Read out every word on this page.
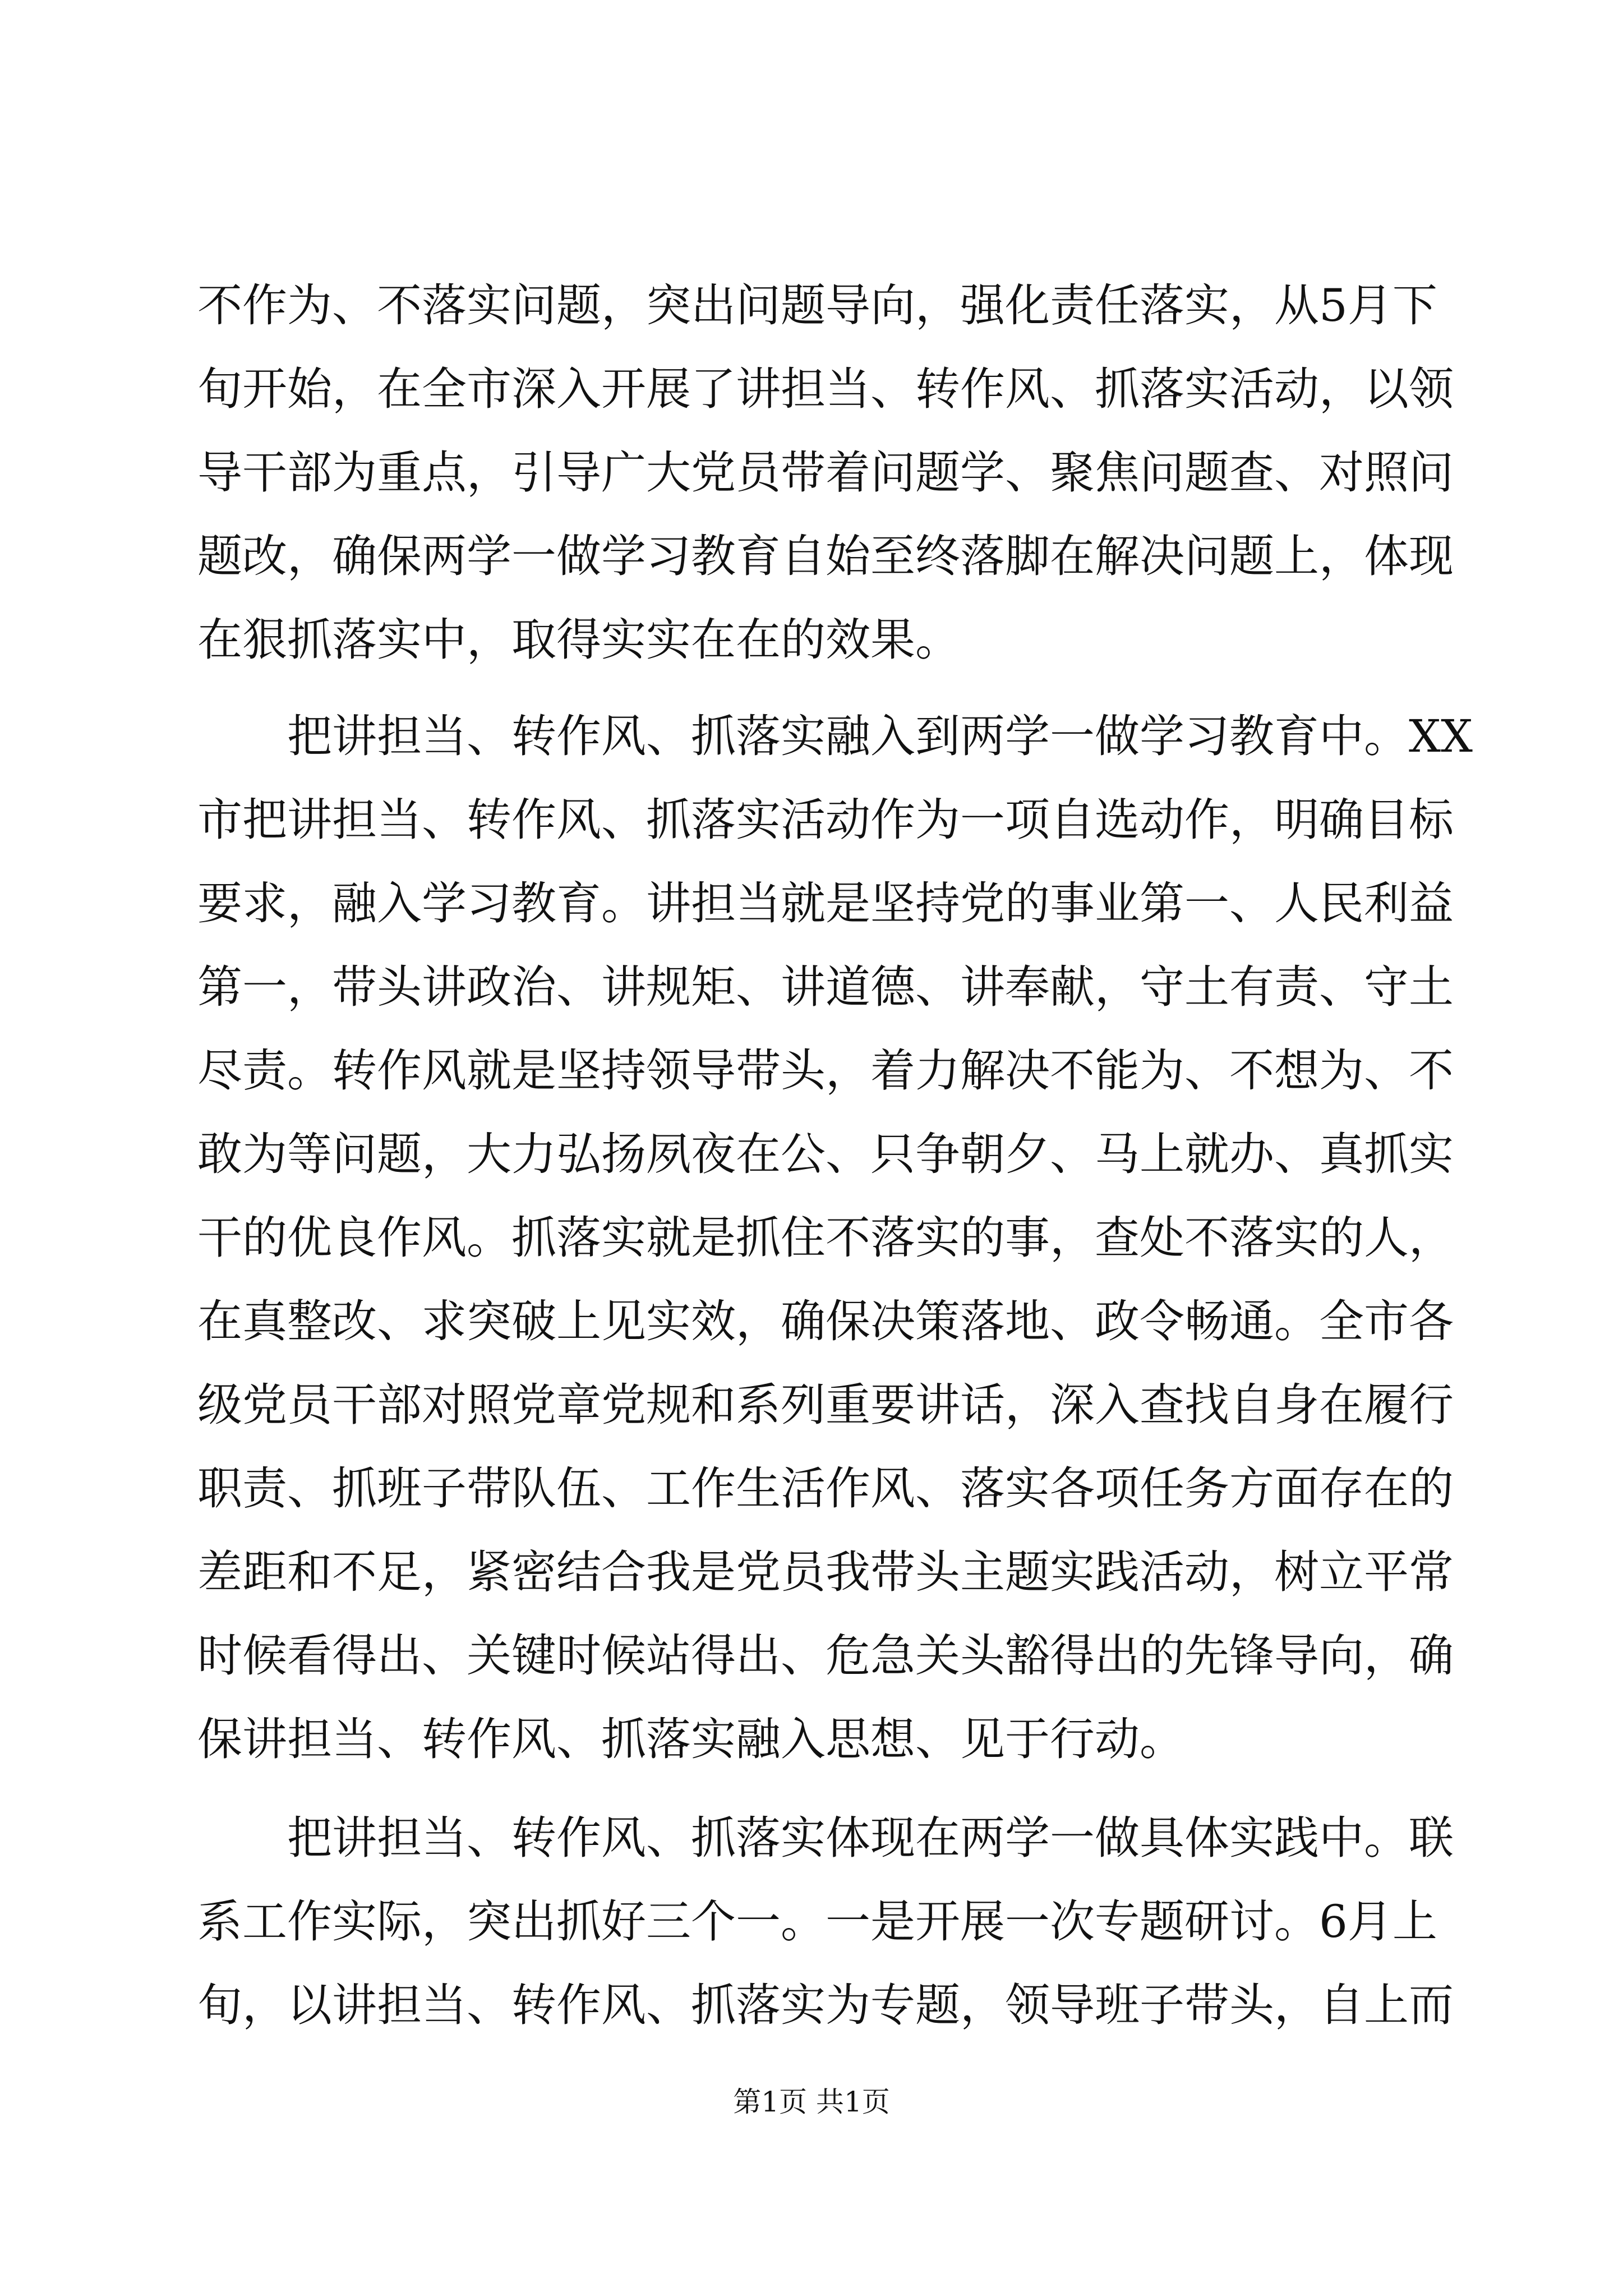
不作为、不落实问题，突出问题导向，强化责任落实，从5月下
旬开始，在全市深入开展了讲担当、转作风、抓落实活动，以领
导干部为重点，引导广大党员带着问题学、聚焦问题查、对照问
题改，确保两学一做学习教育自始至终落脚在解决问题上，体现
在狠抓落实中，取得实实在在的效果。
把讲担当、转作风、抓落实融入到两学一做学习教育中。XX
市把讲担当、转作风、抓落实活动作为一项自选动作，明确目标
要求，融入学习教育。讲担当就是坚持党的事业第一、人民利益
第一，带头讲政治、讲规矩、讲道德、讲奉献，守土有责、守土
尽责。转作风就是坚持领导带头，着力解决不能为、不想为、不
敢为等问题，大力弘扬夙夜在公、只争朝夕、马上就办、真抓实
干的优良作风。抓落实就是抓住不落实的事，查处不落实的人，
在真整改、求突破上见实效，确保决策落地、政令畅通。全市各
级党员干部对照党章党规和系列重要讲话，深入查找自身在履行
职责、抓班子带队伍、工作生活作风、落实各项任务方面存在的
差距和不足，紧密结合我是党员我带头主题实践活动，树立平常
时候看得出、关键时候站得出、危急关头豁得出的先锋导向，确
保讲担当、转作风、抓落实融入思想、见于行动。
把讲担当、转作风、抓落实体现在两学一做具体实践中。联
系工作实际，突出抓好三个一。一是开展一次专题研讨。6月上
旬，以讲担当、转作风、抓落实为专题，领导班子带头，自上而
第1页 共1页
